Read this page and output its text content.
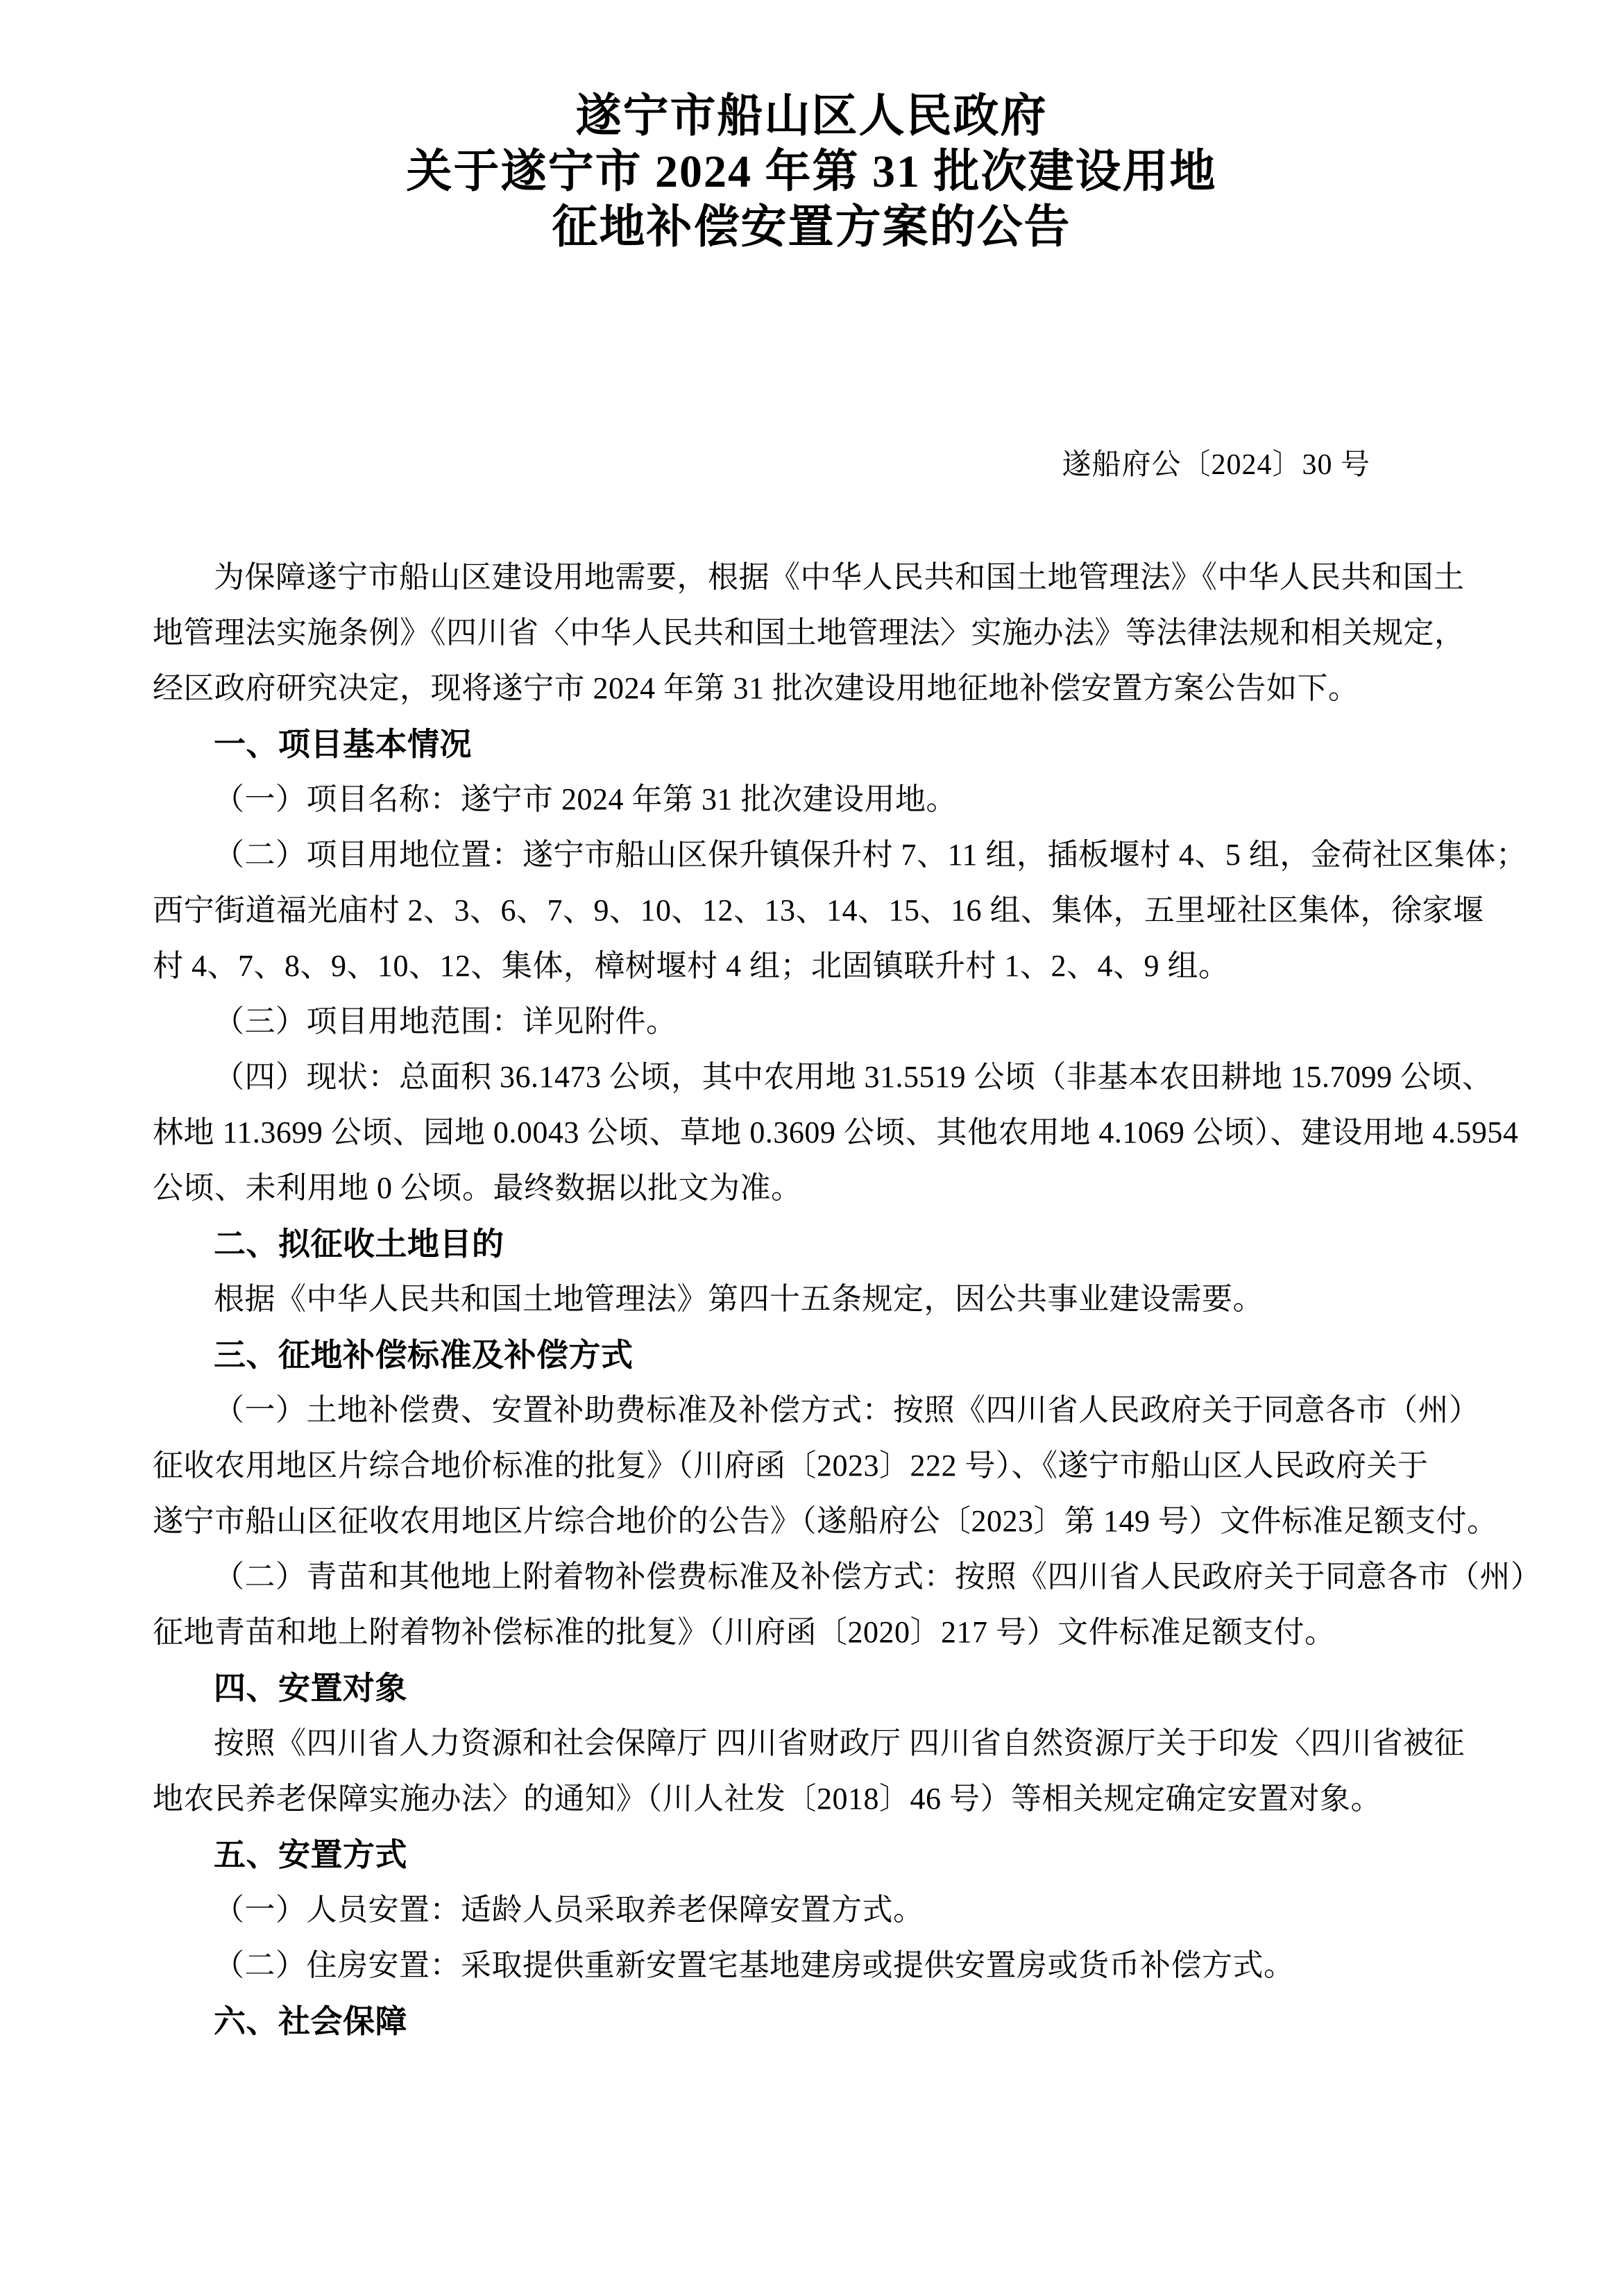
遂宁市船山区人民政府
关于遂宁市 2024 年第 31 批次建设用地
征地补偿安置方案的公告
遂船府公〔2024〕30 号
为保障遂宁市船山区建设用地需要，根据《中华人民共和国土地管理法》《中华人民共和国土
地管理法实施条例》《四川省〈中华人民共和国土地管理法〉实施办法》等法律法规和相关规定，
经区政府研究决定，现将遂宁市 2024 年第 31 批次建设用地征地补偿安置方案公告如下。
一、项目基本情况
（一）项目名称：遂宁市 2024 年第 31 批次建设用地。
（二）项目用地位置：遂宁市船山区保升镇保升村 7、11 组，插板堰村 4、5 组，金荷社区集体；
西宁街道福光庙村 2、3、6、7、9、10、12、13、14、15、16 组、集体，五里垭社区集体，徐家堰
村 4、7、8、9、10、12、集体，樟树堰村 4 组；北固镇联升村 1、2、4、9 组。
（三）项目用地范围：详见附件。
（四）现状：总面积 36.1473 公顷，其中农用地 31.5519 公顷（非基本农田耕地 15.7099 公顷、
林地 11.3699 公顷、园地 0.0043 公顷、草地 0.3609 公顷、其他农用地 4.1069 公顷）、建设用地 4.5954
公顷、未利用地 0 公顷。最终数据以批文为准。
二、拟征收土地目的
根据《中华人民共和国土地管理法》第四十五条规定，因公共事业建设需要。
三、征地补偿标准及补偿方式
（一）土地补偿费、安置补助费标准及补偿方式：按照《四川省人民政府关于同意各市（州）
征收农用地区片综合地价标准的批复》（川府函〔2023〕222 号）、《遂宁市船山区人民政府关于
遂宁市船山区征收农用地区片综合地价的公告》（遂船府公〔2023〕第 149 号）文件标准足额支付。
（二）青苗和其他地上附着物补偿费标准及补偿方式：按照《四川省人民政府关于同意各市（州）
征地青苗和地上附着物补偿标准的批复》（川府函〔2020〕217 号）文件标准足额支付。
四、安置对象
按照《四川省人力资源和社会保障厅 四川省财政厅 四川省自然资源厅关于印发〈四川省被征
地农民养老保障实施办法〉的通知》（川人社发〔2018〕46 号）等相关规定确定安置对象。
五、安置方式
（一）人员安置：适龄人员采取养老保障安置方式。
（二）住房安置：采取提供重新安置宅基地建房或提供安置房或货币补偿方式。
六、社会保障
